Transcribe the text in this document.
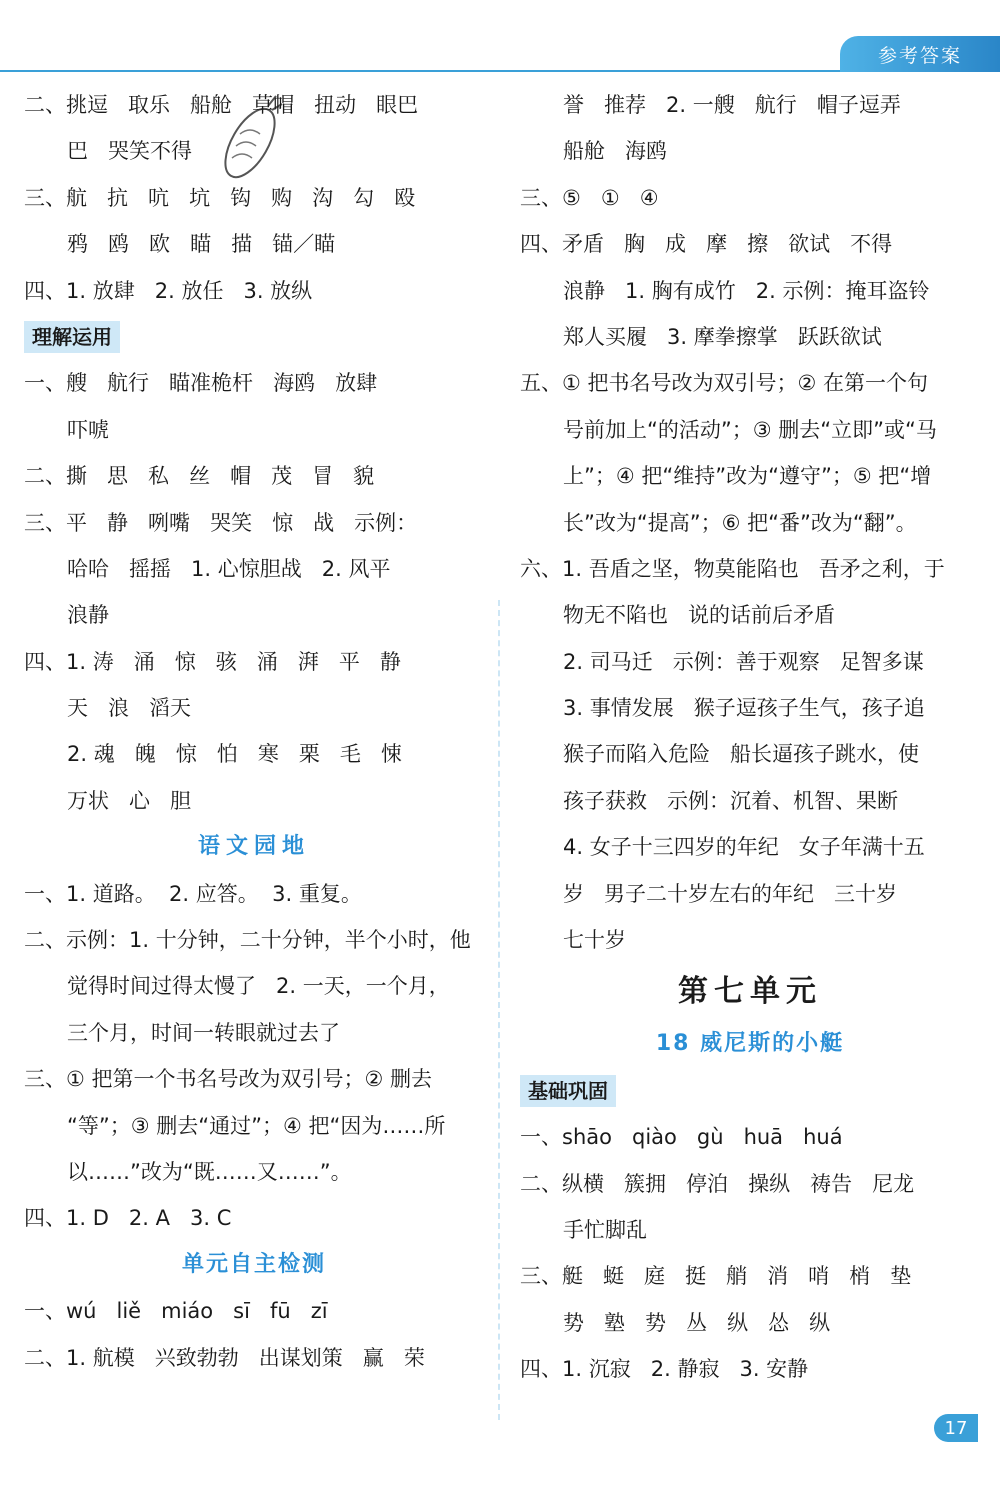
参考答案
二、挑逗   取乐   船舱   草帽   扭动   眼巴
巴   哭笑不得
三、航   抗   吭   坑   钩   购   沟   勾   殴
鸦   鸥   欧   瞄   描   锚／瞄
四、1. 放肆   2. 放任   3. 放纵
理解运用
一、艘   航行   瞄准桅杆   海鸥   放肆
吓唬
二、撕   思   私   丝   帽   茂   冒   貌
三、平   静   咧嘴   哭笑   惊   战   示例：
哈哈   摇摇   1. 心惊胆战   2. 风平
浪静
四、1. 涛   涌   惊   骇   涌   湃   平   静
天   浪   滔天
2. 魂   魄   惊   怕   寒   栗   毛   悚
万状   心   胆
语文园地
一、1. 道路。  2. 应答。  3. 重复。
二、示例：1. 十分钟，二十分钟，半个小时，他
觉得时间过得太慢了   2. 一天，一个月，
三个月，时间一转眼就过去了
三、① 把第一个书名号改为双引号；② 删去
“等”；③ 删去“通过”；④ 把“因为……所
以……”改为“既……又……”。
四、1. D   2. A   3. C
单元自主检测
一、wú   liě   miáo   sī   fū   zī
二、1. 航模   兴致勃勃   出谋划策   赢   荣
誉   推荐   2. 一艘   航行   帽子逗弄
船舱   海鸥
三、⑤   ①   ④
四、矛盾   胸   成   摩   擦   欲试   不得
浪静   1. 胸有成竹   2. 示例：掩耳盗铃
郑人买履   3. 摩拳擦掌   跃跃欲试
五、① 把书名号改为双引号；② 在第一个句
号前加上“的活动”；③ 删去“立即”或“马
上”；④ 把“维持”改为“遵守”；⑤ 把“增
长”改为“提高”；⑥ 把“番”改为“翻”。
六、1. 吾盾之坚，物莫能陷也   吾矛之利，于
物无不陷也   说的话前后矛盾
2. 司马迁   示例：善于观察   足智多谋
3. 事情发展   猴子逗孩子生气，孩子追
猴子而陷入危险   船长逼孩子跳水，使
孩子获救   示例：沉着、机智、果断
4. 女子十三四岁的年纪   女子年满十五
岁   男子二十岁左右的年纪   三十岁
七十岁
第七单元
18 威尼斯的小艇
基础巩固
一、shāo   qiào   gù   huā   huá
二、纵横   簇拥   停泊   操纵   祷告   尼龙
手忙脚乱
三、艇   蜓   庭   挺   艄   消   哨   梢   垫
势   塾   势   丛   纵   怂   纵
四、1. 沉寂   2. 静寂   3. 安静
17
